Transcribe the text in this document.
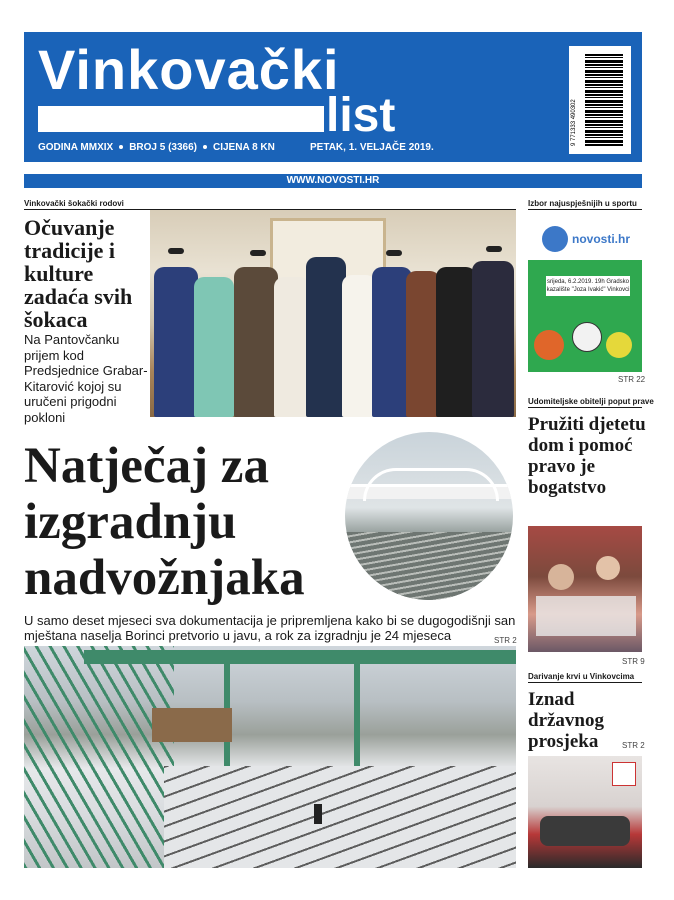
Vinkovački
list
GODINA MMXIX BROJ 5 (3366) CIJENA 8 KN	PETAK, 1. VELJAČE 2019.
9 771333 490302
WWW.NOVOSTI.HR
Vinkovački šokački rodovi
Očuvanje tradicije i kulture zadaća svih šokaca
Na Pantovčanku prijem kod Predsjednice Grabar-Kitarović kojoj su uručeni prigodni pokloni
Izbor najuspješnijih u sportu
novosti.hr
srijeda, 6.2.2019. 19h Gradsko kazalište "Joza Ivakić" Vinkovci
STR 22
Udomiteljske obitelji poput prave
Pružiti djetetu dom i pomoć pravo je bogatstvo
STR 9
Darivanje krvi u Vinkovcima
Iznad državnog prosjeka	STR 2
Natječaj za izgradnju nadvožnjaka
U samo deset mjeseci sva dokumentacija je pripremljena kako bi se dugogodišnji san mještana naselja Borinci pretvorio u javu, a rok za izgradnju je 24 mjeseca	STR 2
